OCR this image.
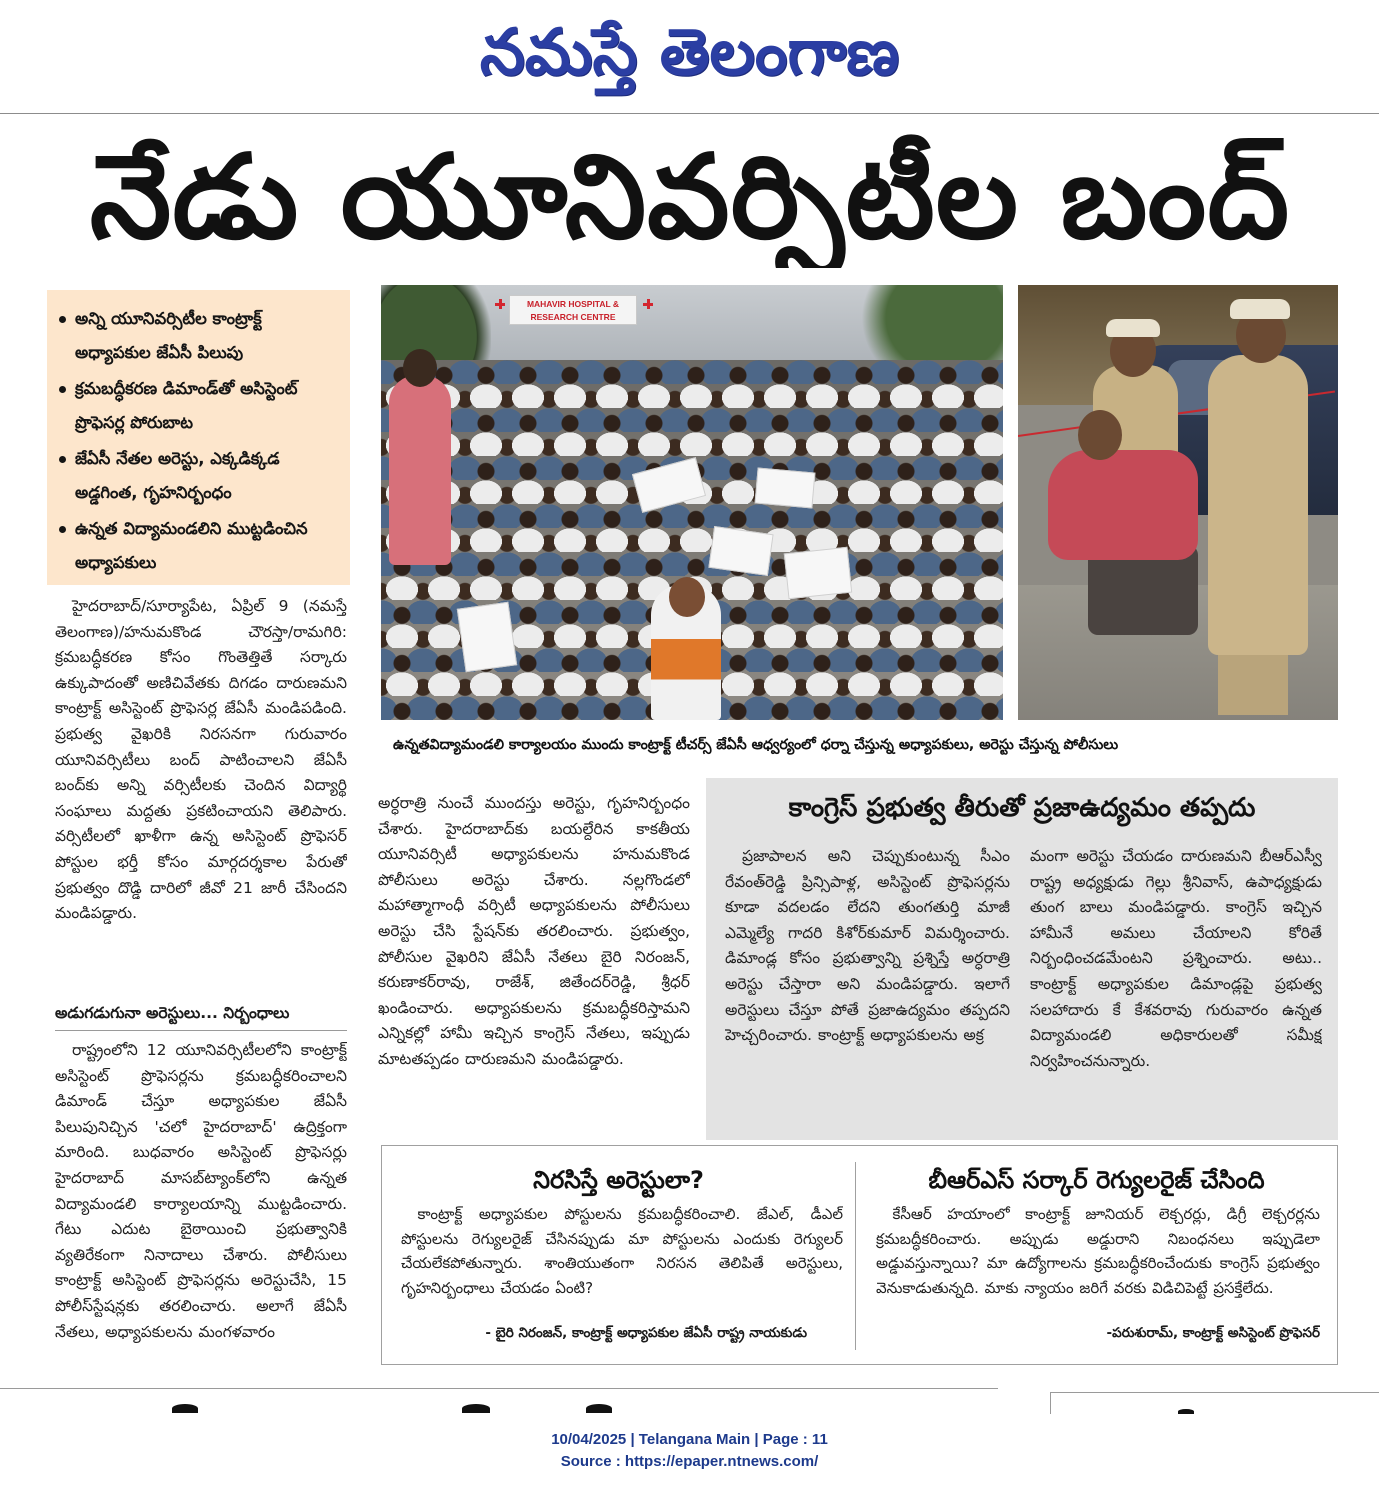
నమస్తే తెలంగాణ
నేడు యూనివర్సిటీల బంద్
అన్ని యూనివర్సిటీల కాంట్రాక్ట్ అధ్యాపకుల జేఏసీ పిలుపు
క్రమబద్ధీకరణ డిమాండ్‌తో అసిస్టెంట్ ప్రొఫెసర్ల పోరుబాట
జేఏసీ నేతల అరెస్టు, ఎక్కడిక్కడ అడ్డగింత, గృహనిర్బంధం
ఉన్నత విద్యామండలిని ముట్టడించిన అధ్యాపకులు
MAHAVIR HOSPITAL &
RESEARCH CENTRE
ఉన్నతవిద్యామండలి కార్యాలయం ముందు కాంట్రాక్ట్ టీచర్స్ జేఏసీ ఆధ్వర్యంలో ధర్నా చేస్తున్న అధ్యాపకులు, అరెస్టు చేస్తున్న పోలీసులు
హైదరాబాద్/సూర్యాపేట, ఏప్రిల్ 9 (నమస్తే తెలంగాణ)/హనుమకొండ చౌరస్తా/రామగిరి: క్రమబద్ధీకరణ కోసం గొంతెత్తితే సర్కారు ఉక్కుపాదంతో అణిచివేతకు దిగడం దారుణమని కాంట్రాక్ట్ అసిస్టెంట్ ప్రొఫెసర్ల జేఏసీ మండిపడింది. ప్రభుత్వ వైఖరికి నిరసనగా గురువారం యూనివర్సిటీలు బంద్ పాటించాలని జేఏసీ బంద్‌కు అన్ని వర్సిటీలకు చెందిన విద్యార్థి సంఘాలు మద్దతు ప్రకటించాయని తెలిపారు. వర్సిటీలలో ఖాళీగా ఉన్న అసిస్టెంట్ ప్రొఫెసర్ పోస్టుల భర్తీ కోసం మార్గదర్శకాల పేరుతో ప్రభుత్వం దొడ్డి దారిలో జీవో 21 జారీ చేసిందని మండిపడ్డారు.
అడుగడుగునా అరెస్టులు... నిర్బంధాలు
రాష్ట్రంలోని 12 యూనివర్సిటీలలోని కాంట్రాక్ట్ అసిస్టెంట్ ప్రొఫెసర్లను క్రమబద్ధీకరించాలని డిమాండ్ చేస్తూ అధ్యాపకుల జేఏసీ పిలుపునిచ్చిన 'చలో హైదరాబాద్' ఉద్రిక్తంగా మారింది. బుధవారం అసిస్టెంట్ ప్రొఫెసర్లు హైదరాబాద్ మాసబ్‌ట్యాంక్‌లోని ఉన్నత విద్యామండలి కార్యాలయాన్ని ముట్టడించారు. గేటు ఎదుట బైఠాయించి ప్రభుత్వానికి వ్యతిరేకంగా నినాదాలు చేశారు. పోలీసులు కాంట్రాక్ట్ అసిస్టెంట్ ప్రొఫెసర్లను అరెస్టుచేసి, 15 పోలీస్‌స్టేషన్లకు తరలించారు. అలాగే జేఏసీ నేతలు, అధ్యాపకులను మంగళవారం
అర్ధరాత్రి నుంచే ముందస్తు అరెస్టు, గృహనిర్బంధం చేశారు. హైదరాబాద్‌కు బయల్దేరిన కాకతీయ యూనివర్సిటీ అధ్యాపకులను హనుమకొండ పోలీసులు అరెస్టు చేశారు. నల్లగొండలో మహాత్మాగాంధీ వర్సిటీ అధ్యాపకులను పోలీసులు అరెస్టు చేసి స్టేషన్‌కు తరలించారు. ప్రభుత్వం, పోలీసుల వైఖరిని జేఏసీ నేతలు బైరి నిరంజన్, కరుణాకర్‌రావు, రాజేశ్, జితేందర్‌రెడ్డి, శ్రీధర్ ఖండించారు. అధ్యాపకులను క్రమబద్ధీకరిస్తామని ఎన్నికల్లో హామీ ఇచ్చిన కాంగ్రెస్ నేతలు, ఇప్పుడు మాటతప్పడం దారుణమని మండిపడ్డారు.
కాంగ్రెస్ ప్రభుత్వ తీరుతో ప్రజాఉద్యమం తప్పదు
ప్రజాపాలన అని చెప్పుకుంటున్న సీఎం రేవంత్‌రెడ్డి ప్రిన్సిపాళ్ల, అసిస్టెంట్ ప్రొఫెసర్లను కూడా వదలడం లేదని తుంగతుర్తి మాజీ ఎమ్మెల్యే గాదరి కిశోర్‌కుమార్ విమర్శించారు. డిమాండ్ల కోసం ప్రభుత్వాన్ని ప్రశ్నిస్తే అర్ధరాత్రి అరెస్టు చేస్తారా అని మండిపడ్డారు. ఇలాగే అరెస్టులు చేస్తూ పోతే ప్రజాఉద్యమం తప్పదని హెచ్చరించారు. కాంట్రాక్ట్ అధ్యాపకులను అక్ర
మంగా అరెస్టు చేయడం దారుణమని బీఆర్‌ఎస్వీ రాష్ట్ర అధ్యక్షుడు గెల్లు శ్రీనివాస్, ఉపాధ్యక్షుడు తుంగ బాలు మండిపడ్డారు. కాంగ్రెస్ ఇచ్చిన హామీనే అమలు చేయాలని కోరితే నిర్బంధించడమేంటని ప్రశ్నించారు. అటు.. కాంట్రాక్ట్ అధ్యాపకుల డిమాండ్లపై ప్రభుత్వ సలహాదారు కే కేశవరావు గురువారం ఉన్నత విద్యామండలి అధికారులతో సమీక్ష నిర్వహించనున్నారు.
నిరసిస్తే అరెస్టులా?
కాంట్రాక్ట్ అధ్యాపకుల పోస్టులను క్రమబద్ధీకరించాలి. జేఎల్, డీఎల్ పోస్టులను రెగ్యులరైజ్ చేసినప్పుడు మా పోస్టులను ఎందుకు రెగ్యులర్ చేయలేకపోతున్నారు. శాంతియుతంగా నిరసన తెలిపితే అరెస్టులు, గృహనిర్బంధాలు చేయడం ఏంటి?
- బైరి నిరంజన్, కాంట్రాక్ట్ అధ్యాపకుల జేఏసీ రాష్ట్ర నాయకుడు
బీఆర్‌ఎస్ సర్కార్ రెగ్యులరైజ్ చేసింది
కేసీఆర్ హయాంలో కాంట్రాక్ట్ జూనియర్ లెక్చరర్లు, డిగ్రీ లెక్చరర్లను క్రమబద్ధీకరించారు. అప్పుడు అడ్డురాని నిబంధనలు ఇప్పుడెలా అడ్డువస్తున్నాయి? మా ఉద్యోగాలను క్రమబద్ధీకరించేందుకు కాంగ్రెస్ ప్రభుత్వం వెనుకాడుతున్నది. మాకు న్యాయం జరిగే వరకు విడిచిపెట్టే ప్రసక్తేలేదు.
-పరుశురామ్, కాంట్రాక్ట్ అసిస్టెంట్ ప్రొఫెసర్
10/04/2025 | Telangana Main | Page : 11
Source : https://epaper.ntnews.com/
